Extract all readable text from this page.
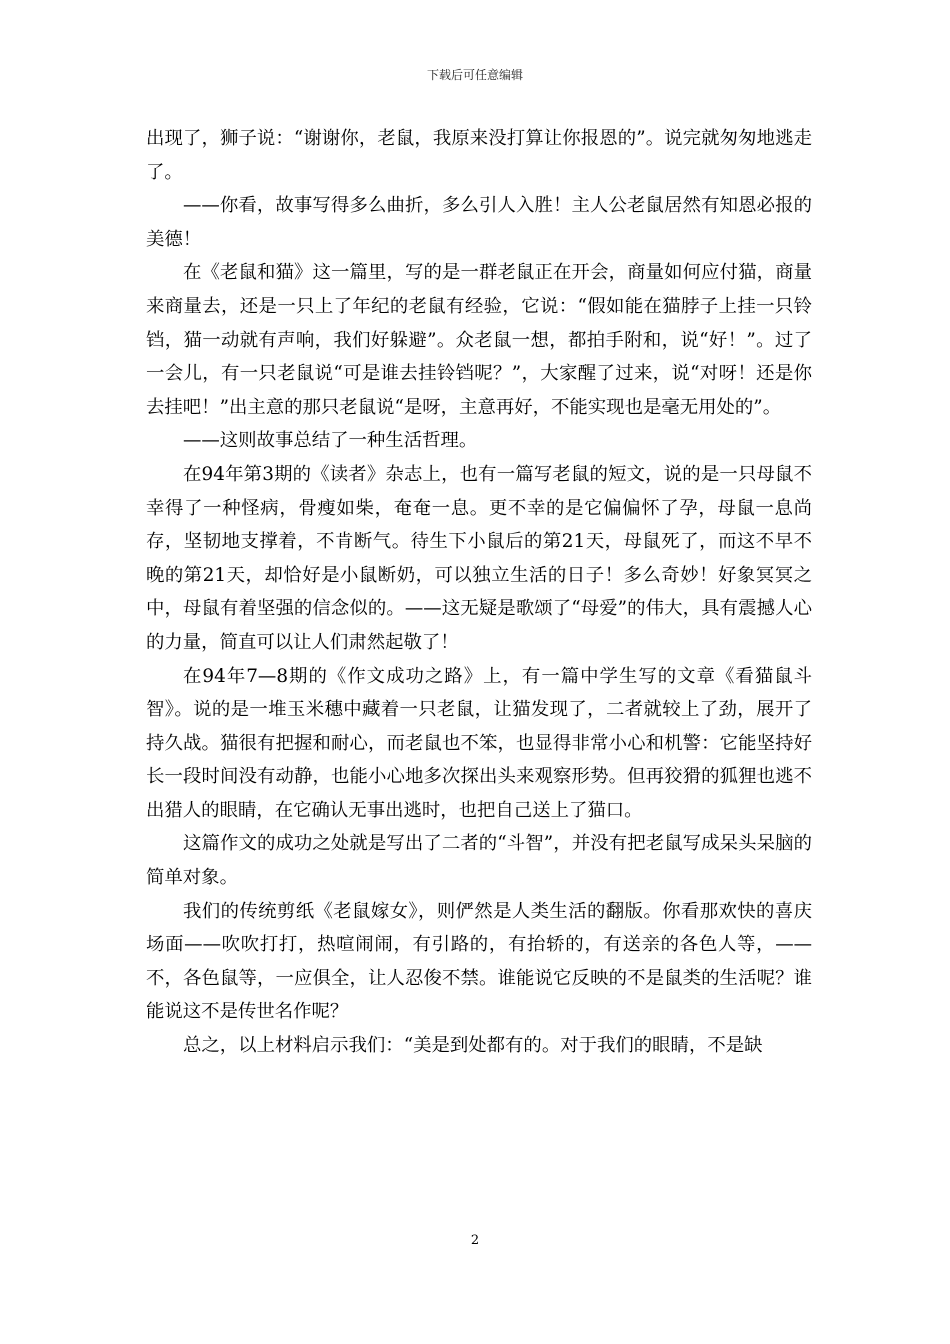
下载后可任意编辑

出现了，狮子说：“谢谢你，老鼠，我原来没打算让你报恩的”。说完就匆匆地逃走了。

——你看，故事写得多么曲折，多么引人入胜！主人公老鼠居然有知恩必报的美德！

在《老鼠和猫》这一篇里，写的是一群老鼠正在开会，商量如何应付猫，商量来商量去，还是一只上了年纪的老鼠有经验，它说：“假如能在猫脖子上挂一只铃铛，猫一动就有声响，我们好躲避”。众老鼠一想，都拍手附和，说“好！”。过了一会儿，有一只老鼠说“可是谁去挂铃铛呢？”，大家醒了过来，说“对呀！还是你去挂吧！”出主意的那只老鼠说“是呀，主意再好，不能实现也是毫无用处的”。

——这则故事总结了一种生活哲理。

在94年第3期的《读者》杂志上，也有一篇写老鼠的短文，说的是一只母鼠不幸得了一种怪病，骨瘦如柴，奄奄一息。更不幸的是它偏偏怀了孕，母鼠一息尚存，坚韧地支撑着，不肯断气。待生下小鼠后的第21天，母鼠死了，而这不早不晚的第21天，却恰好是小鼠断奶，可以独立生活的日子！多么奇妙！好象冥冥之中，母鼠有着坚强的信念似的。——这无疑是歌颂了“母爱”的伟大，具有震撼人心的力量，简直可以让人们肃然起敬了！

在94年7—8期的《作文成功之路》上，有一篇中学生写的文章《看猫鼠斗智》。说的是一堆玉米穗中藏着一只老鼠，让猫发现了，二者就较上了劲，展开了持久战。猫很有把握和耐心，而老鼠也不笨，也显得非常小心和机警：它能坚持好长一段时间没有动静，也能小心地多次探出头来观察形势。但再狡猾的狐狸也逃不出猎人的眼睛，在它确认无事出逃时，也把自己送上了猫口。

这篇作文的成功之处就是写出了二者的“斗智”，并没有把老鼠写成呆头呆脑的简单对象。

我们的传统剪纸《老鼠嫁女》，则俨然是人类生活的翻版。你看那欢快的喜庆场面——吹吹打打，热喧闹闹，有引路的，有抬轿的，有送亲的各色人等，——不，各色鼠等，一应俱全，让人忍俊不禁。谁能说它反映的不是鼠类的生活呢？谁能说这不是传世名作呢？

总之，以上材料启示我们：“美是到处都有的。对于我们的眼睛，不是缺

2
